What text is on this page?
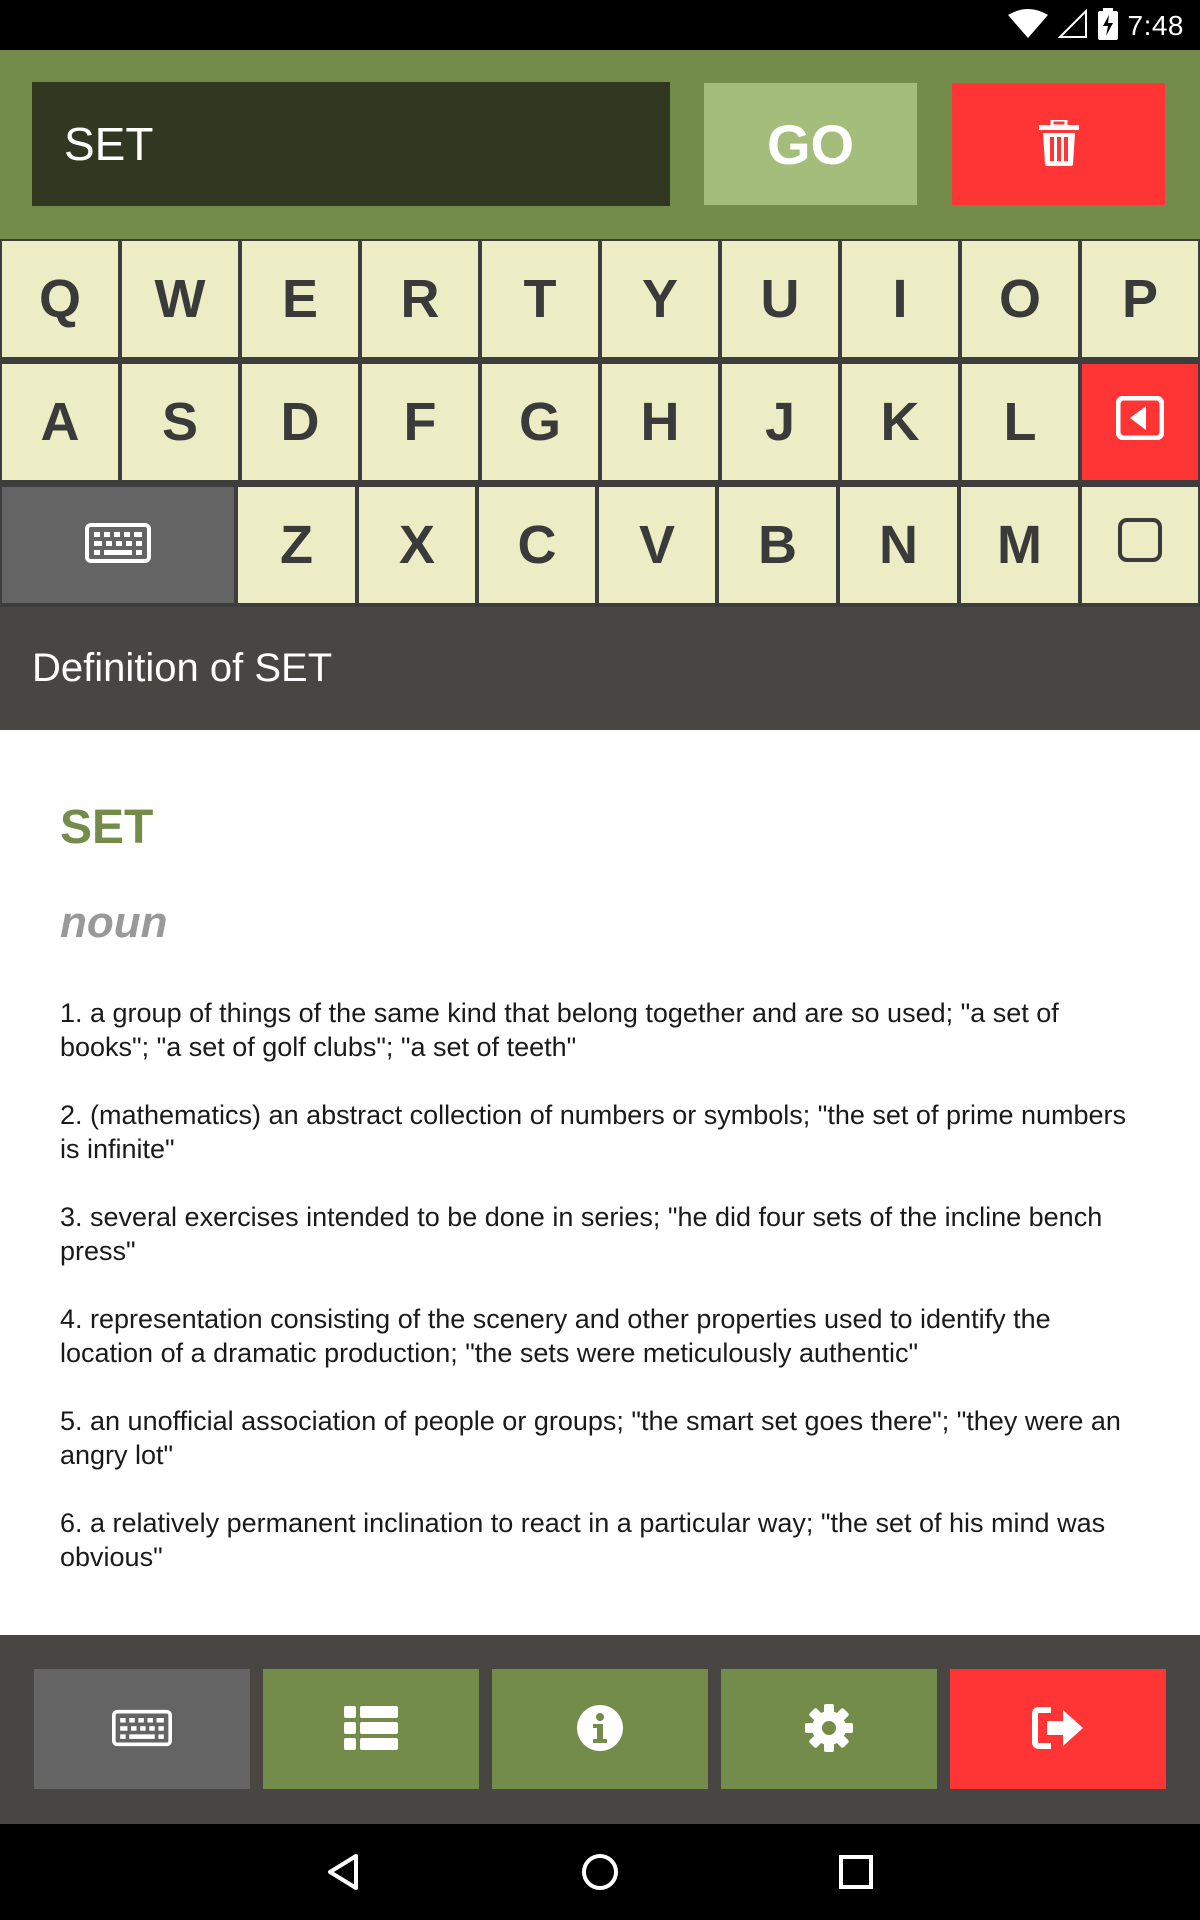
7:48
SET
GO
Q	W	E	R	T	Y	U	I	O	P
A	S	D	F	G	H	J	K	L
Z	X	C	V	B	N	M
Definition of SET
SET
noun
1. a group of things of the same kind that belong together and are so used; "a set of books"; "a set of golf clubs"; "a set of teeth"
2. (mathematics) an abstract collection of numbers or symbols; "the set of prime numbers is infinite"
3. several exercises intended to be done in series; "he did four sets of the incline bench press"
4. representation consisting of the scenery and other properties used to identify the location of a dramatic production; "the sets were meticulously authentic"
5. an unofficial association of people or groups; "the smart set goes there"; "they were an angry lot"
6. a relatively permanent inclination to react in a particular way; "the set of his mind was obvious"
